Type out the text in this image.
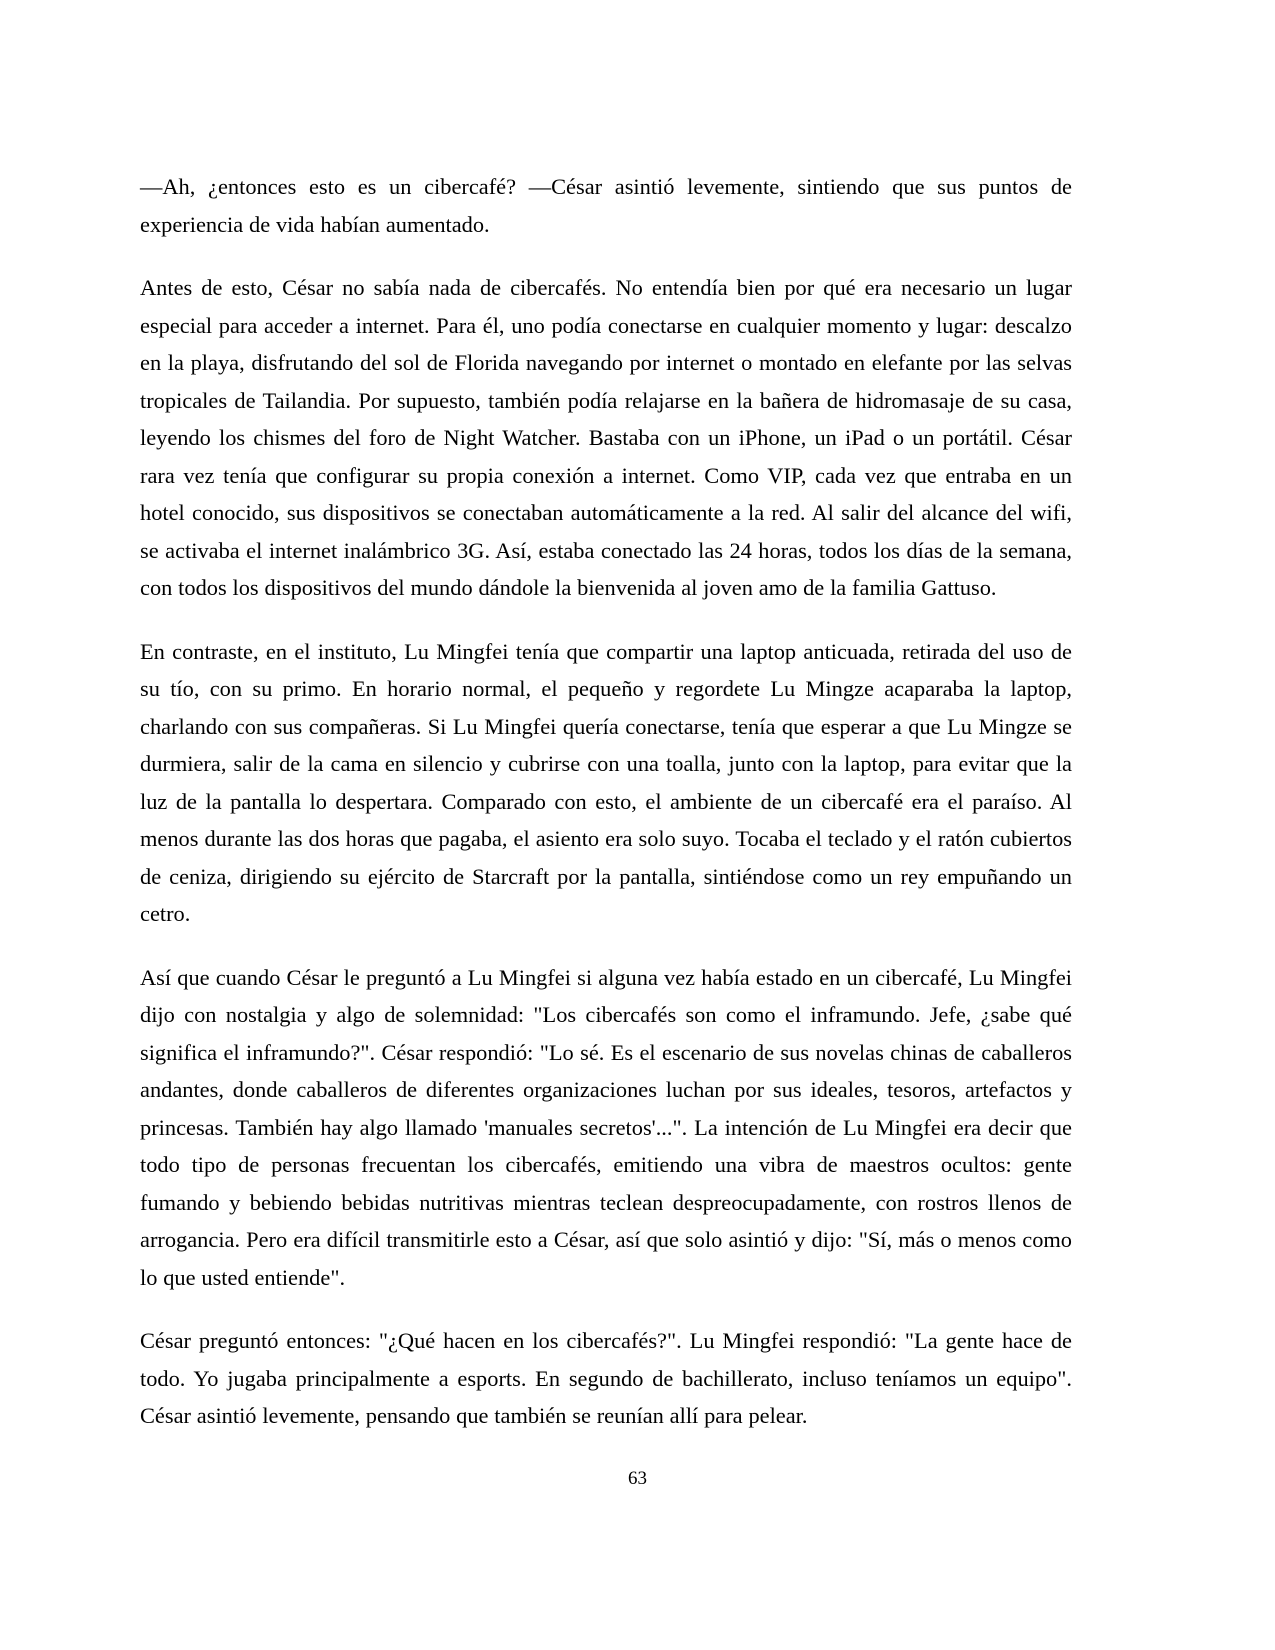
—Ah, ¿entonces esto es un cibercafé? —César asintió levemente, sintiendo que sus puntos de experiencia de vida habían aumentado.

Antes de esto, César no sabía nada de cibercafés. No entendía bien por qué era necesario un lugar especial para acceder a internet. Para él, uno podía conectarse en cualquier momento y lugar: descalzo en la playa, disfrutando del sol de Florida navegando por internet o montado en elefante por las selvas tropicales de Tailandia. Por supuesto, también podía relajarse en la bañera de hidromasaje de su casa, leyendo los chismes del foro de Night Watcher. Bastaba con un iPhone, un iPad o un portátil. César rara vez tenía que configurar su propia conexión a internet. Como VIP, cada vez que entraba en un hotel conocido, sus dispositivos se conectaban automáticamente a la red. Al salir del alcance del wifi, se activaba el internet inalámbrico 3G. Así, estaba conectado las 24 horas, todos los días de la semana, con todos los dispositivos del mundo dándole la bienvenida al joven amo de la familia Gattuso.

En contraste, en el instituto, Lu Mingfei tenía que compartir una laptop anticuada, retirada del uso de su tío, con su primo. En horario normal, el pequeño y regordete Lu Mingze acaparaba la laptop, charlando con sus compañeras. Si Lu Mingfei quería conectarse, tenía que esperar a que Lu Mingze se durmiera, salir de la cama en silencio y cubrirse con una toalla, junto con la laptop, para evitar que la luz de la pantalla lo despertara. Comparado con esto, el ambiente de un cibercafé era el paraíso. Al menos durante las dos horas que pagaba, el asiento era solo suyo. Tocaba el teclado y el ratón cubiertos de ceniza, dirigiendo su ejército de Starcraft por la pantalla, sintiéndose como un rey empuñando un cetro.

Así que cuando César le preguntó a Lu Mingfei si alguna vez había estado en un cibercafé, Lu Mingfei dijo con nostalgia y algo de solemnidad: "Los cibercafés son como el inframundo. Jefe, ¿sabe qué significa el inframundo?". César respondió: "Lo sé. Es el escenario de sus novelas chinas de caballeros andantes, donde caballeros de diferentes organizaciones luchan por sus ideales, tesoros, artefactos y princesas. También hay algo llamado 'manuales secretos'...". La intención de Lu Mingfei era decir que todo tipo de personas frecuentan los cibercafés, emitiendo una vibra de maestros ocultos: gente fumando y bebiendo bebidas nutritivas mientras teclean despreocupadamente, con rostros llenos de arrogancia. Pero era difícil transmitirle esto a César, así que solo asintió y dijo: "Sí, más o menos como lo que usted entiende".

César preguntó entonces: "¿Qué hacen en los cibercafés?". Lu Mingfei respondió: "La gente hace de todo. Yo jugaba principalmente a esports. En segundo de bachillerato, incluso teníamos un equipo". César asintió levemente, pensando que también se reunían allí para pelear.

63
